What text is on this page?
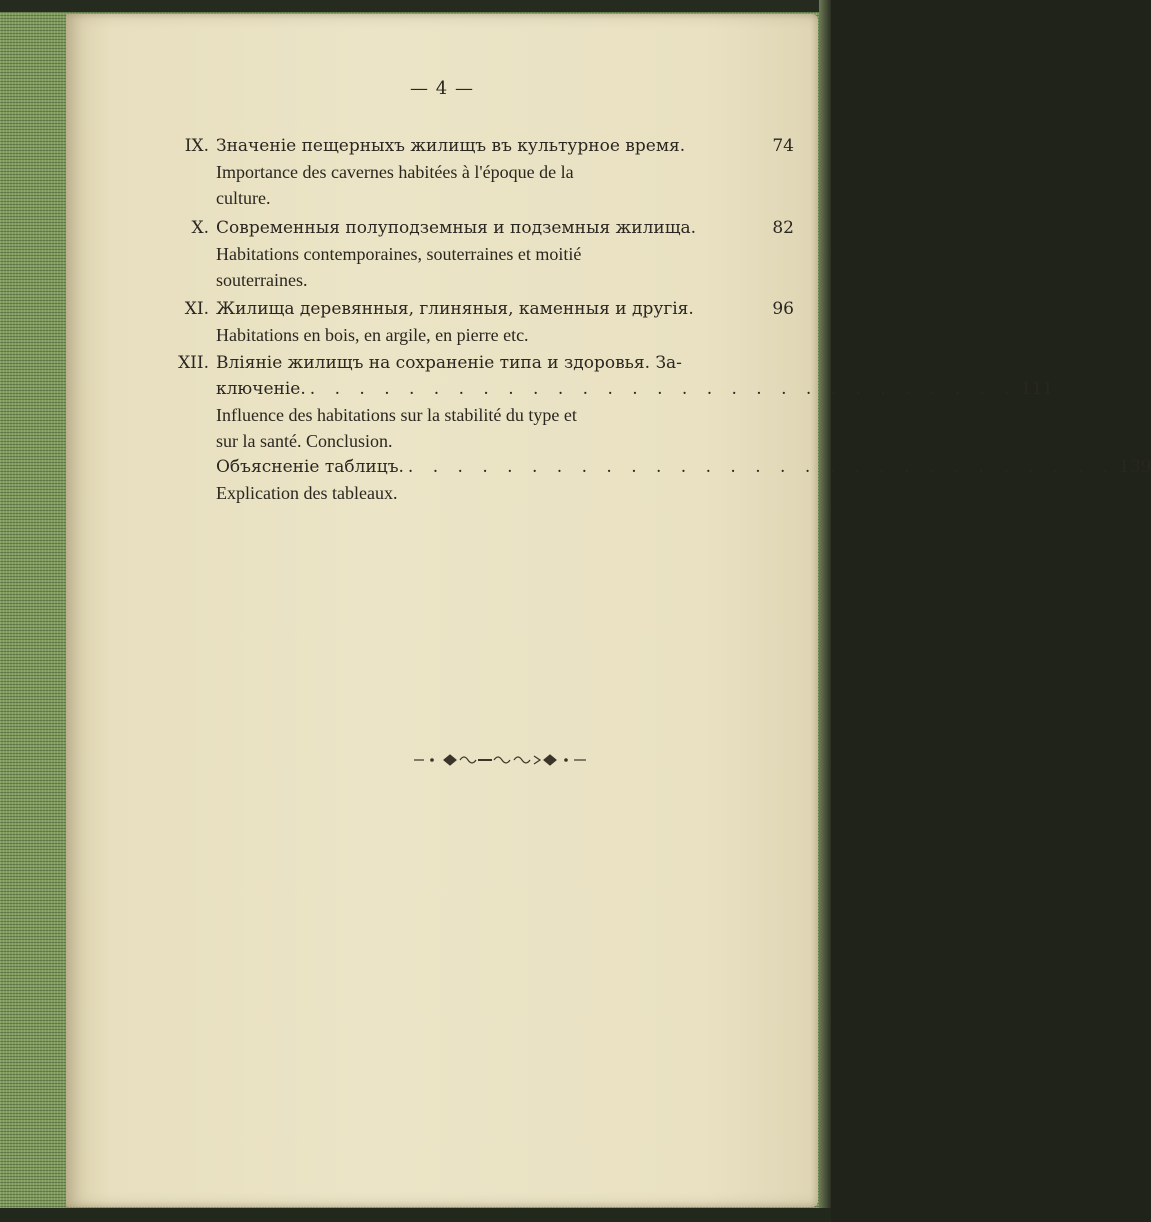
— 4 —
IX. Значенiе пещерныхъ жилищъ въ культурное время.	74
Importance des cavernes habitées à l'époque de la
culture.
X. Современныя полуподземныя и подземныя жилища.	82
Habitations contemporaines, souterraines et moitié
souterraines.
XI. Жилища деревянныя, глиняныя, каменныя и другiя.	96
Habitations en bois, en argile, en pierre etc.
XII. Влiянiе жилищъ на сохраненiе типа и здоровья. За-
ключенiе. . . . . . . . . . . . . . . . . . . . . . . . . . . . . . 111
Influence des habitations sur la stabilité du type et
sur la santé. Conclusion.
Объясненiе таблицъ. . . . . . . . . . . . . . . . . . . . . . . . . . . . . . 139
Explication des tableaux.
